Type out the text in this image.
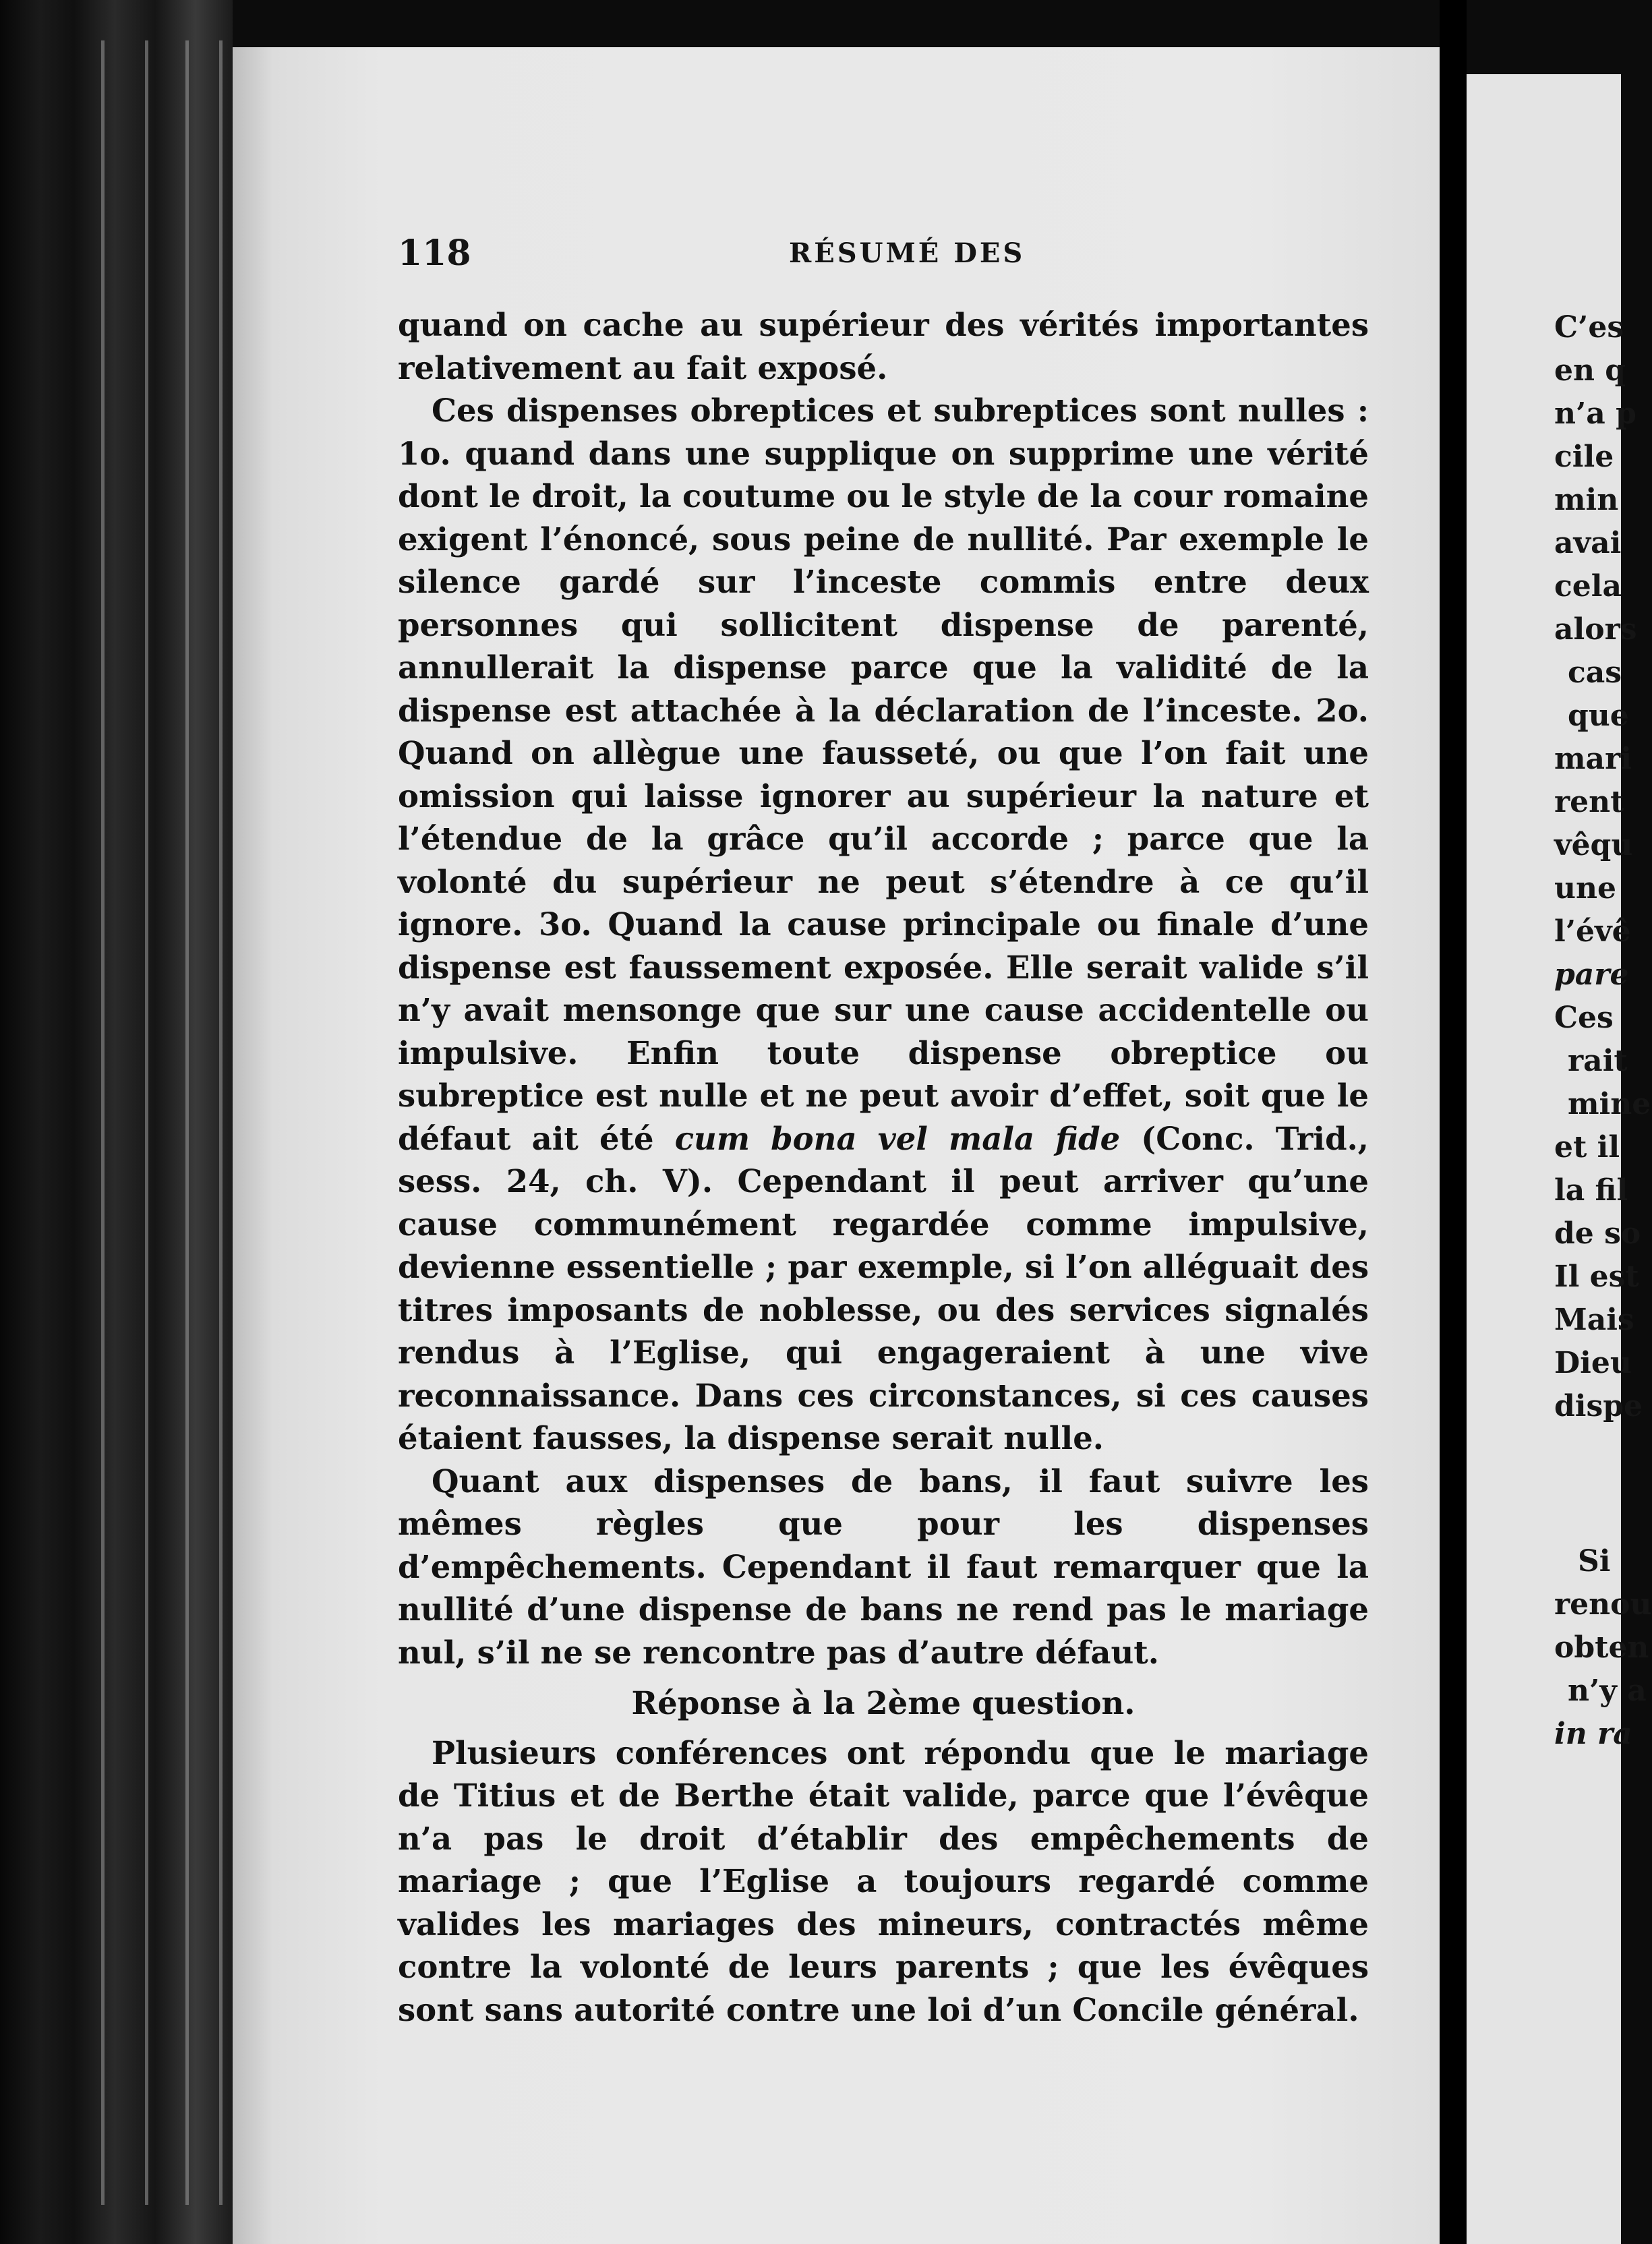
118	RÉSUMÉ DES

quand on cache au supérieur des vérités importantes relativement au fait exposé.

Ces dispenses obreptices et subreptices sont nulles : 1o. quand dans une supplique on supprime une vérité dont le droit, la coutume ou le style de la cour romaine exigent l’énoncé, sous peine de nullité. Par exemple le silence gardé sur l’inceste commis entre deux personnes qui sollicitent dispense de parenté, annullerait la dispense parce que la validité de la dispense est attachée à la déclaration de l’inceste. 2o. Quand on allègue une fausseté, ou que l’on fait une omission qui laisse ignorer au supérieur la nature et l’étendue de la grâce qu’il accorde ; parce que la volonté du supérieur ne peut s’étendre à ce qu’il ignore. 3o. Quand la cause principale ou finale d’une dispense est faussement exposée. Elle serait valide s’il n’y avait mensonge que sur une cause accidentelle ou impulsive. Enfin toute dispense obreptice ou subreptice est nulle et ne peut avoir d’effet, soit que le défaut ait été cum bona vel mala fide (Conc. Trid., sess. 24, ch. V). Cependant il peut arriver qu’une cause communément regardée comme impulsive, devienne essentielle ; par exemple, si l’on alléguait des titres imposants de noblesse, ou des services signalés rendus à l’Eglise, qui engageraient à une vive reconnaissance. Dans ces circonstances, si ces causes étaient fausses, la dispense serait nulle.

Quant aux dispenses de bans, il faut suivre les mêmes règles que pour les dispenses d’empêchements. Cependant il faut remarquer que la nullité d’une dispense de bans ne rend pas le mariage nul, s’il ne se rencontre pas d’autre défaut.

Réponse à la 2ème question.

Plusieurs conférences ont répondu que le mariage de Titius et de Berthe était valide, parce que l’évêque n’a pas le droit d’établir des empêchements de mariage ; que l’Eglise a toujours regardé comme valides les mariages des mineurs, contractés même contre la volonté de leurs parents ; que les évêques sont sans autorité contre une loi d’un Concile général.

C’es
en q
n’a p
cile
min
avai
cela
alors
cas
que
mari
rent
vêqu
une
l’évê
pare
Ces
rait
mine
et il
la fil
de so
Il est
Mais
Dieu
dispe
Si
renou
obten
n’y a
in ra
